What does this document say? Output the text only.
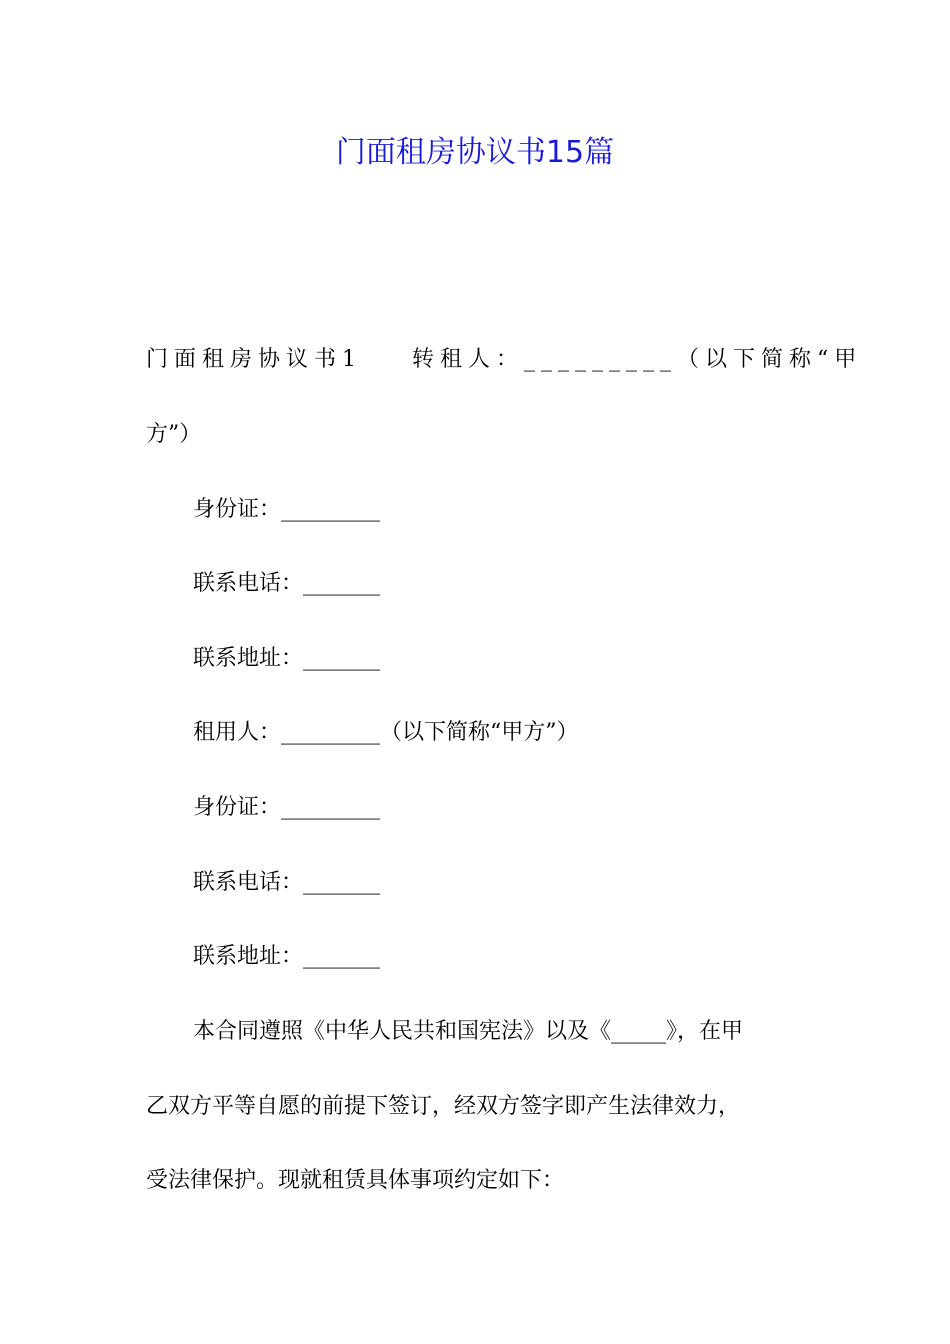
门面租房协议书15篇
门面租房协议书1 转租人：_________（以下简称“甲
方”）
身份证：_________
联系电话：_______
联系地址：_______
租用人：_________（以下简称“甲方”）
身份证：_________
联系电话：_______
联系地址：_______
本合同遵照《中华人民共和国宪法》以及《_____》，在甲
乙双方平等自愿的前提下签订，经双方签字即产生法律效力，
受法律保护。现就租赁具体事项约定如下：
